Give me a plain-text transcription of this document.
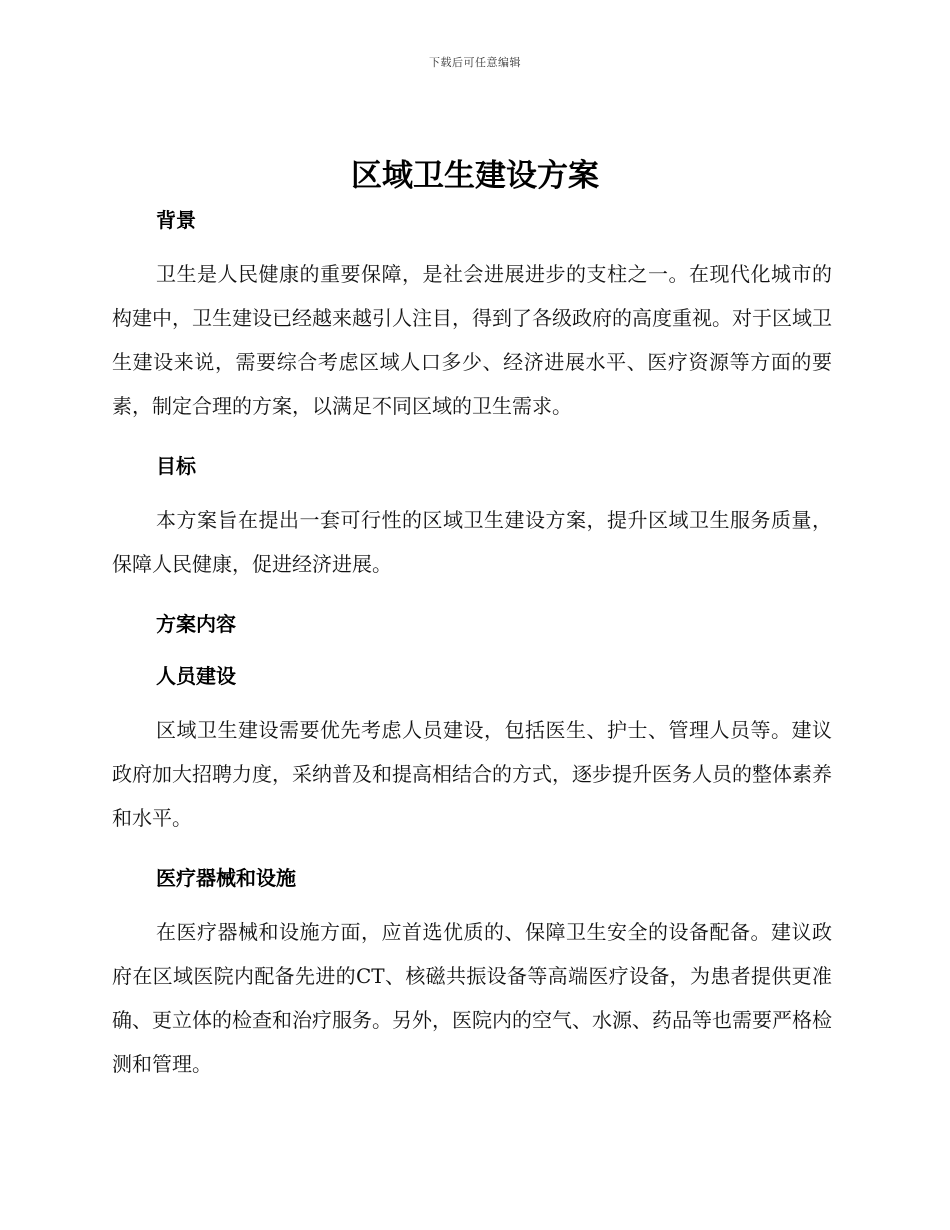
下载后可任意编辑
区域卫生建设方案
背景

卫生是人民健康的重要保障，是社会进展进步的支柱之一。在现代化城市的构建中，卫生建设已经越来越引人注目，得到了各级政府的高度重视。对于区域卫生建设来说，需要综合考虑区域人口多少、经济进展水平、医疗资源等方面的要素，制定合理的方案，以满足不同区域的卫生需求。

目标

本方案旨在提出一套可行性的区域卫生建设方案，提升区域卫生服务质量，保障人民健康，促进经济进展。

方案内容
人员建设

区域卫生建设需要优先考虑人员建设，包括医生、护士、管理人员等。建议政府加大招聘力度，采纳普及和提高相结合的方式，逐步提升医务人员的整体素养和水平。

医疗器械和设施

在医疗器械和设施方面，应首选优质的、保障卫生安全的设备配备。建议政府在区域医院内配备先进的CT、核磁共振设备等高端医疗设备，为患者提供更准确、更立体的检查和治疗服务。另外，医院内的空气、水源、药品等也需要严格检测和管理。
